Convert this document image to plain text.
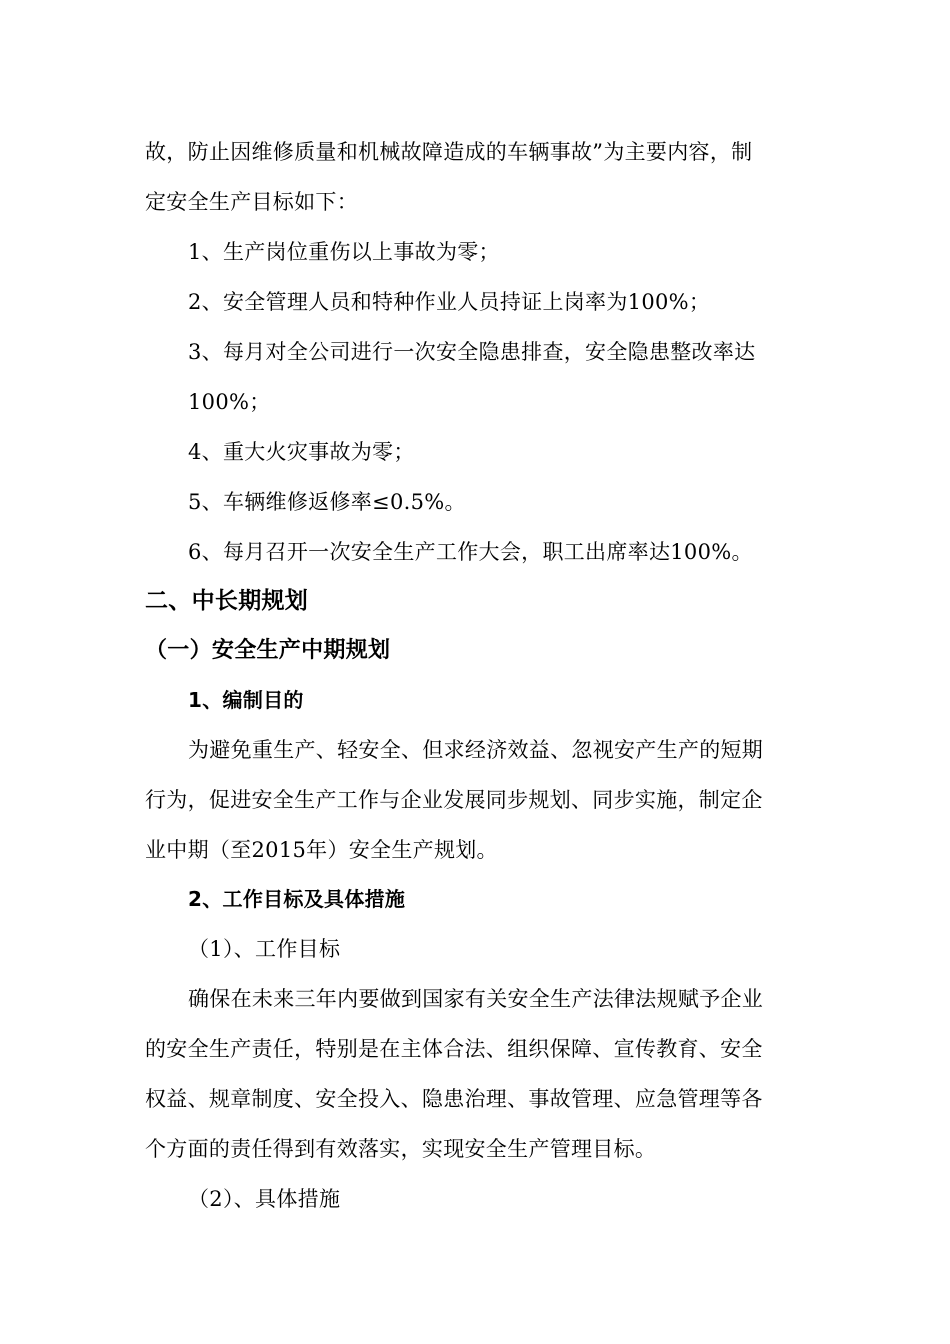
故，防止因维修质量和机械故障造成的车辆事故”为主要内容，制

定安全生产目标如下：

1、生产岗位重伤以上事故为零；

2、安全管理人员和特种作业人员持证上岗率为100%；

3、每月对全公司进行一次安全隐患排查，安全隐患整改率达

100%；

4、重大火灾事故为零；

5、车辆维修返修率≤0.5%。

6、每月召开一次安全生产工作大会，职工出席率达100%。

二、中长期规划

（一）安全生产中期规划

1、编制目的

为避免重生产、轻安全、但求经济效益、忽视安产生产的短期

行为，促进安全生产工作与企业发展同步规划、同步实施，制定企

业中期（至2015年）安全生产规划。

2、工作目标及具体措施

（1）、工作目标

确保在未来三年内要做到国家有关安全生产法律法规赋予企业

的安全生产责任，特别是在主体合法、组织保障、宣传教育、安全

权益、规章制度、安全投入、隐患治理、事故管理、应急管理等各

个方面的责任得到有效落实，实现安全生产管理目标。

（2）、具体措施
